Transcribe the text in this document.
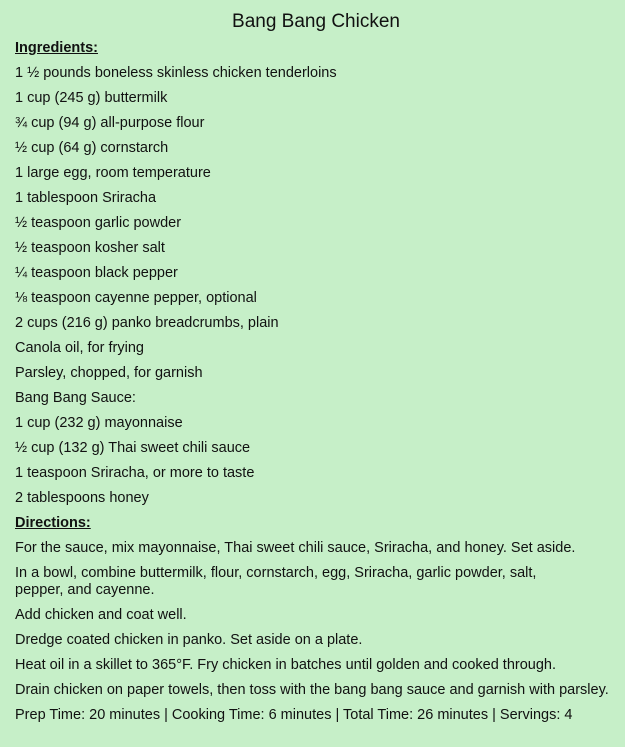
Bang Bang Chicken
Ingredients:
1 ½ pounds boneless skinless chicken tenderloins
1 cup (245 g) buttermilk
¾ cup (94 g) all-purpose flour
½ cup (64 g) cornstarch
1 large egg, room temperature
1 tablespoon Sriracha
½ teaspoon garlic powder
½ teaspoon kosher salt
¼ teaspoon black pepper
⅛ teaspoon cayenne pepper, optional
2 cups (216 g) panko breadcrumbs, plain
Canola oil, for frying
Parsley, chopped, for garnish
Bang Bang Sauce:
1 cup (232 g) mayonnaise
½ cup (132 g) Thai sweet chili sauce
1 teaspoon Sriracha, or more to taste
2 tablespoons honey
Directions:
For the sauce, mix mayonnaise, Thai sweet chili sauce, Sriracha, and honey. Set aside.
In a bowl, combine buttermilk, flour, cornstarch, egg, Sriracha, garlic powder, salt, pepper, and cayenne.
Add chicken and coat well.
Dredge coated chicken in panko. Set aside on a plate.
Heat oil in a skillet to 365°F. Fry chicken in batches until golden and cooked through.
Drain chicken on paper towels, then toss with the bang bang sauce and garnish with parsley.
Prep Time: 20 minutes | Cooking Time: 6 minutes | Total Time: 26 minutes | Servings: 4
